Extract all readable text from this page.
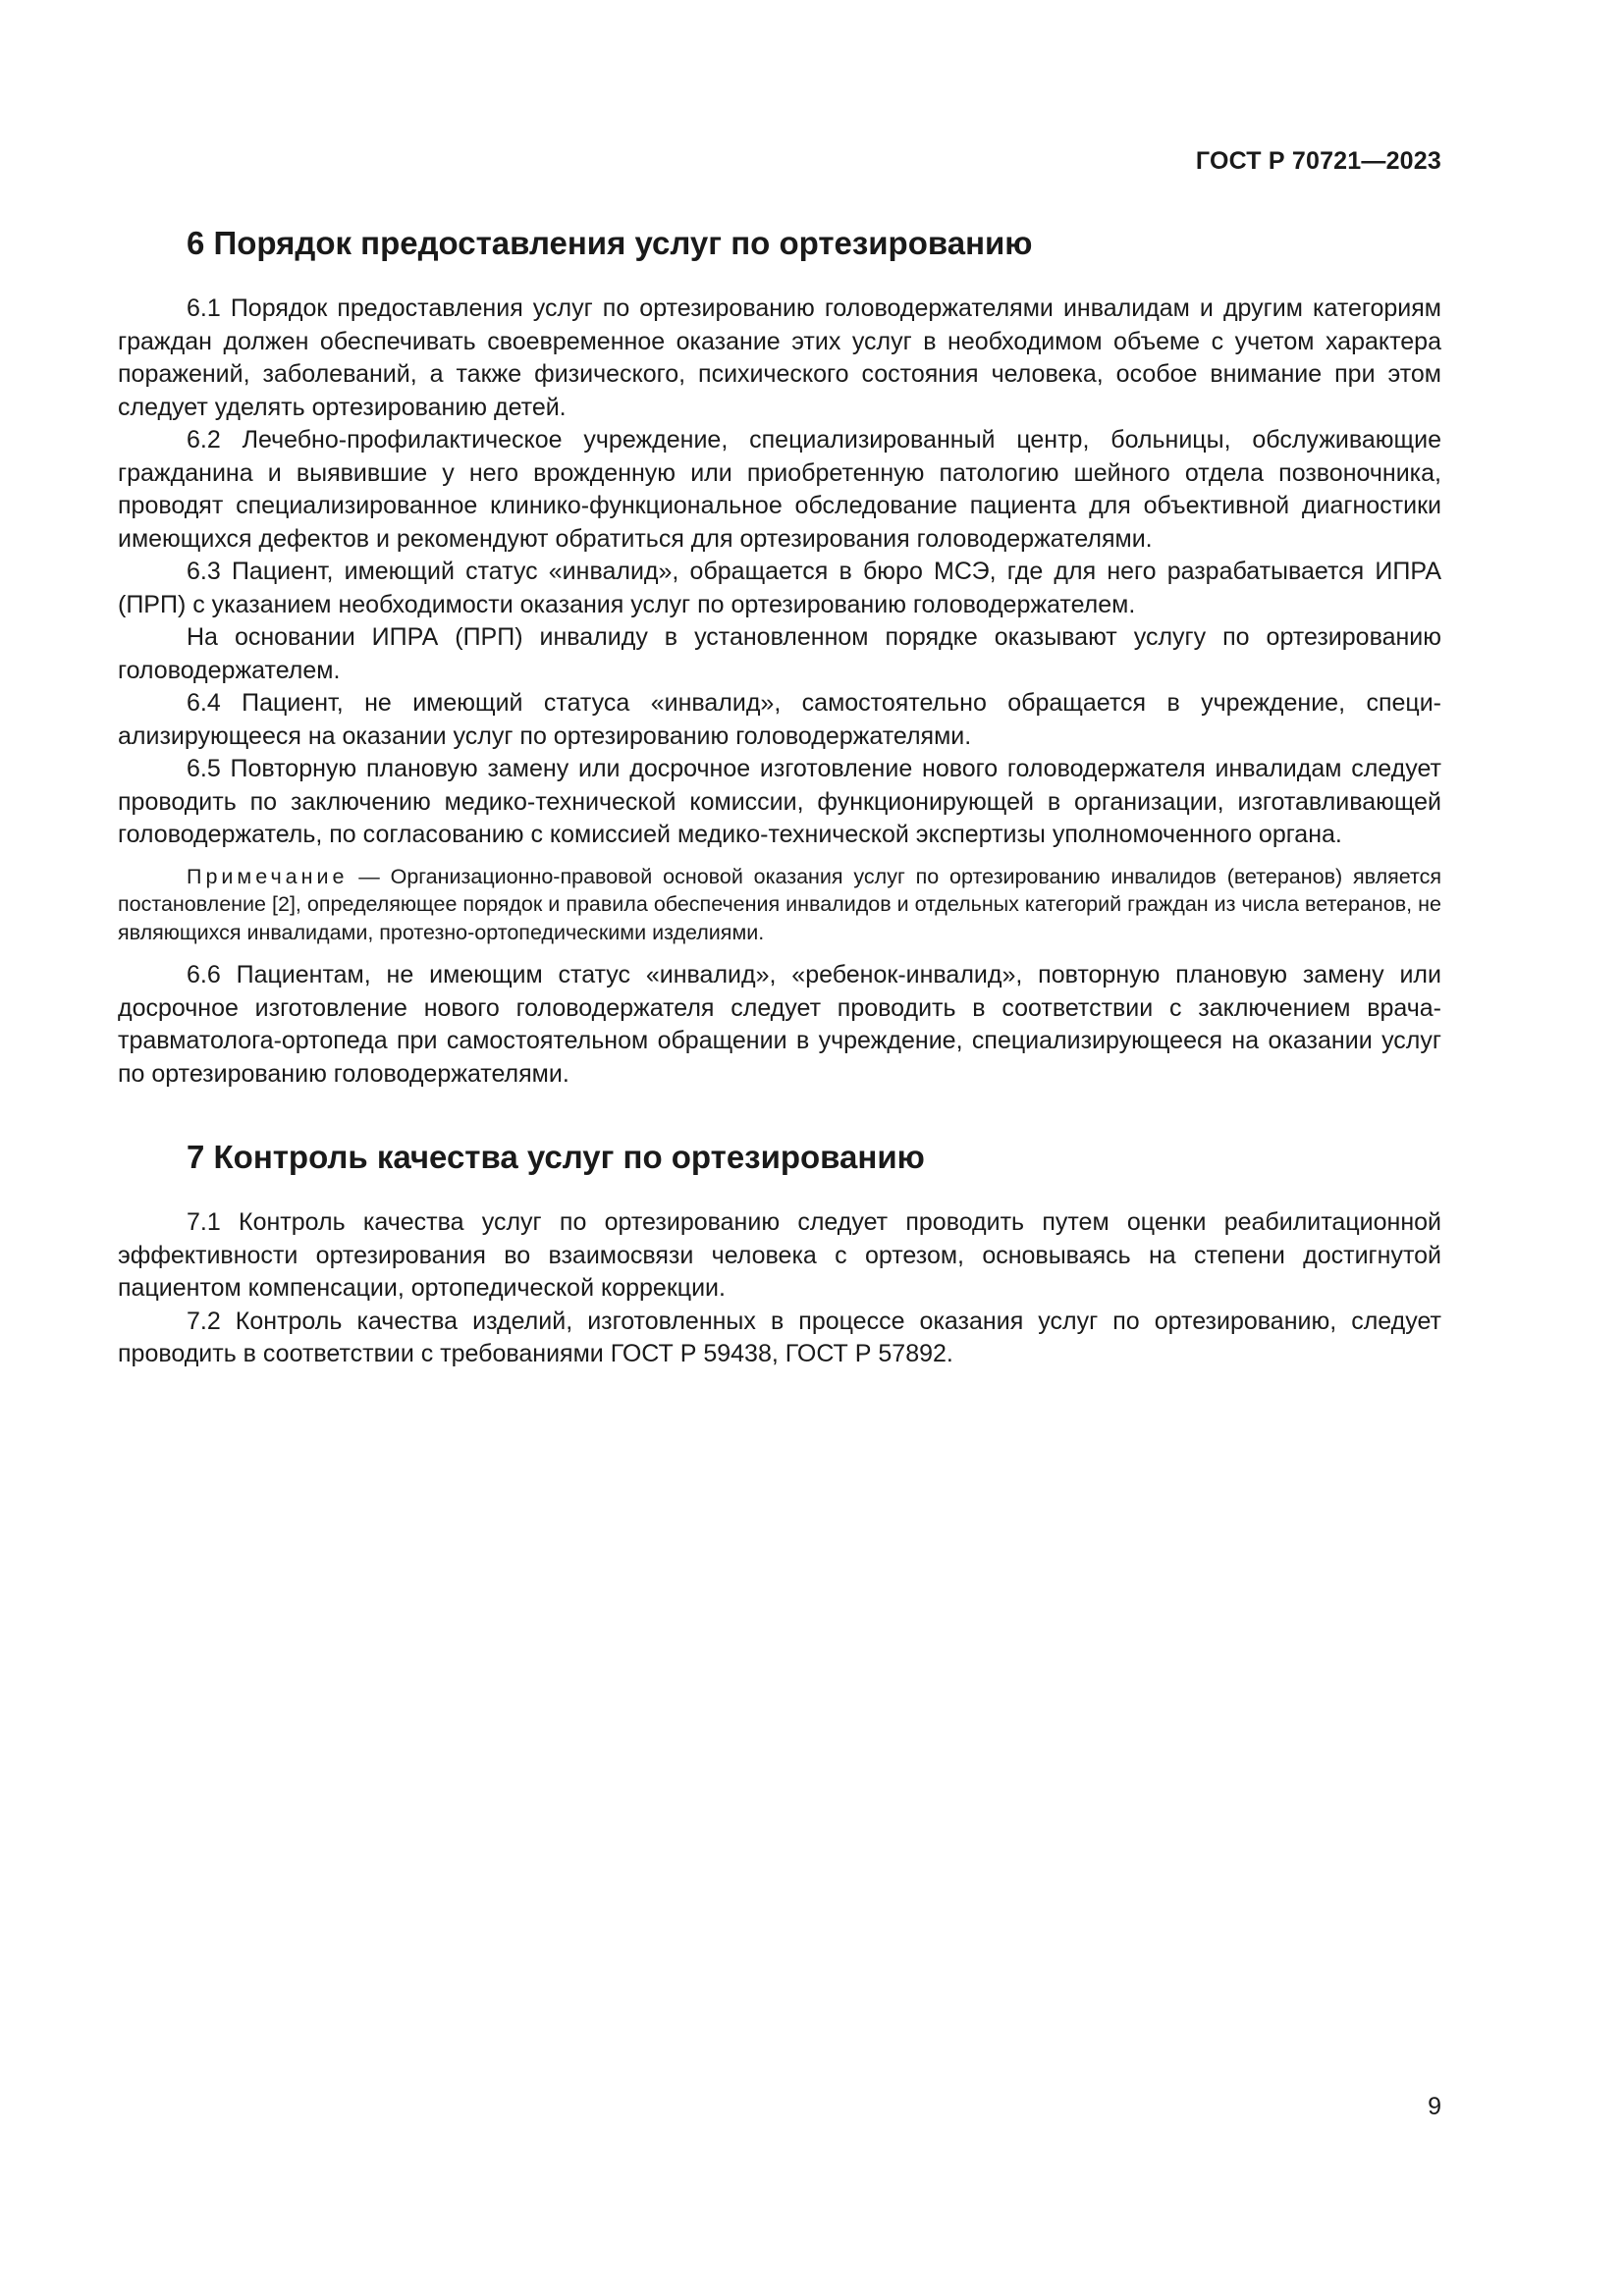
ГОСТ Р 70721—2023
6 Порядок предоставления услуг по ортезированию

6.1 Порядок предоставления услуг по ортезированию головодержателями инвалидам и другим категориям граждан должен обеспечивать своевременное оказание этих услуг в необходимом объеме с учетом характера поражений, заболеваний, а также физического, психического состояния человека, особое внимание при этом следует уделять ортезированию детей.

6.2 Лечебно-профилактическое учреждение, специализированный центр, больницы, обслуживающие гражданина и выявившие у него врожденную или приобретенную патологию шейного отдела позвоночника, проводят специализированное клинико-функциональное обследование пациента для объективной диагностики имеющихся дефектов и рекомендуют обратиться для ортезирования головодержателями.

6.3 Пациент, имеющий статус «инвалид», обращается в бюро МСЭ, где для него разрабатывается ИПРА (ПРП) с указанием необходимости оказания услуг по ортезированию головодержателем.

На основании ИПРА (ПРП) инвалиду в установленном порядке оказывают услугу по ортезированию головодержателем.

6.4 Пациент, не имеющий статуса «инвалид», самостоятельно обращается в учреждение, специализирующееся на оказании услуг по ортезированию головодержателями.

6.5 Повторную плановую замену или досрочное изготовление нового головодержателя инвалидам следует проводить по заключению медико-технической комиссии, функционирующей в организации, изготавливающей головодержатель, по согласованию с комиссией медико-технической экспертизы уполномоченного органа.

Примечание — Организационно-правовой основой оказания услуг по ортезированию инвалидов (ветеранов) является постановление [2], определяющее порядок и правила обеспечения инвалидов и отдельных категорий граждан из числа ветеранов, не являющихся инвалидами, протезно-ортопедическими изделиями.

6.6 Пациентам, не имеющим статус «инвалид», «ребенок-инвалид», повторную плановую замену или досрочное изготовление нового головодержателя следует проводить в соответствии с заключением врача-травматолога-ортопеда при самостоятельном обращении в учреждение, специализирующееся на оказании услуг по ортезированию головодержателями.

7 Контроль качества услуг по ортезированию

7.1 Контроль качества услуг по ортезированию следует проводить путем оценки реабилитационной эффективности ортезирования во взаимосвязи человека с ортезом, основываясь на степени достигнутой пациентом компенсации, ортопедической коррекции.

7.2 Контроль качества изделий, изготовленных в процессе оказания услуг по ортезированию, следует проводить в соответствии с требованиями ГОСТ Р 59438, ГОСТ Р 57892.

9
